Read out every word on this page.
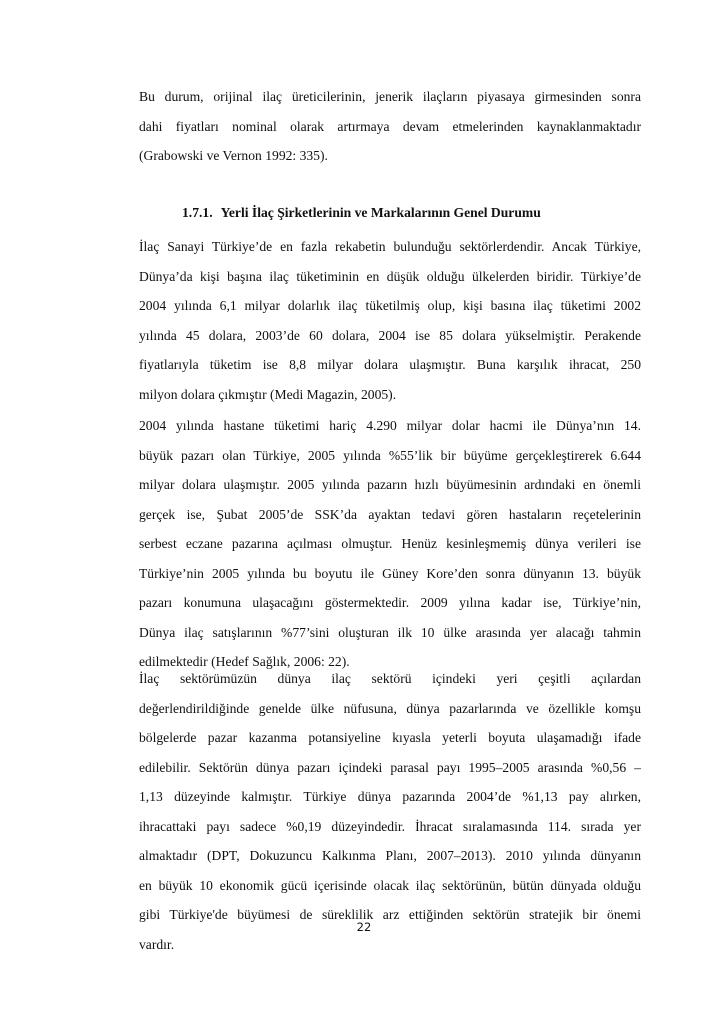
Bu durum, orijinal ilaç üreticilerinin, jenerik ilaçların piyasaya girmesinden sonra
dahi fiyatları nominal olarak artırmaya devam etmelerinden kaynaklanmaktadır
(Grabowski ve Vernon 1992: 335).
1.7.1. Yerli İlaç Şirketlerinin ve Markalarının Genel Durumu
İlaç Sanayi Türkiye’de en fazla rekabetin bulunduğu sektörlerdendir. Ancak Türkiye,
Dünya’da kişi başına ilaç tüketiminin en düşük olduğu ülkelerden biridir. Türkiye’de
2004 yılında 6,1 milyar dolarlık ilaç tüketilmiş olup, kişi basına ilaç tüketimi 2002
yılında 45 dolara, 2003’de 60 dolara, 2004 ise 85 dolara yükselmiştir. Perakende
fiyatlarıyla tüketim ise 8,8 milyar dolara ulaşmıştır. Buna karşılık ihracat, 250
milyon dolara çıkmıştır (Medi Magazin, 2005).
2004 yılında hastane tüketimi hariç 4.290 milyar dolar hacmi ile Dünya’nın 14.
büyük pazarı olan Türkiye, 2005 yılında %55’lik bir büyüme gerçekleştirerek 6.644
milyar dolara ulaşmıştır. 2005 yılında pazarın hızlı büyümesinin ardındaki en önemli
gerçek ise, Şubat 2005’de SSK’da ayaktan tedavi gören hastaların reçetelerinin
serbest eczane pazarına açılması olmuştur. Henüz kesinleşmemiş dünya verileri ise
Türkiye’nin 2005 yılında bu boyutu ile Güney Kore’den sonra dünyanın 13. büyük
pazarı konumuna ulaşacağını göstermektedir. 2009 yılına kadar ise, Türkiye’nin,
Dünya ilaç satışlarının %77’sini oluşturan ilk 10 ülke arasında yer alacağı tahmin
edilmektedir (Hedef Sağlık, 2006: 22).
İlaç sektörümüzün dünya ilaç sektörü içindeki yeri çeşitli açılardan
değerlendirildiğinde genelde ülke nüfusuna, dünya pazarlarında ve özellikle komşu
bölgelerde pazar kazanma potansiyeline kıyasla yeterli boyuta ulaşamadığı ifade
edilebilir. Sektörün dünya pazarı içindeki parasal payı 1995–2005 arasında %0,56 –
1,13 düzeyinde kalmıştır. Türkiye dünya pazarında 2004’de %1,13 pay alırken,
ihracattaki payı sadece %0,19 düzeyindedir. İhracat sıralamasında 114. sırada yer
almaktadır (DPT, Dokuzuncu Kalkınma Planı, 2007–2013). 2010 yılında dünyanın
en büyük 10 ekonomik gücü içerisinde olacak ilaç sektörünün, bütün dünyada olduğu
gibi Türkiye'de büyümesi de süreklilik arz ettiğinden sektörün stratejik bir önemi
vardır.
22
